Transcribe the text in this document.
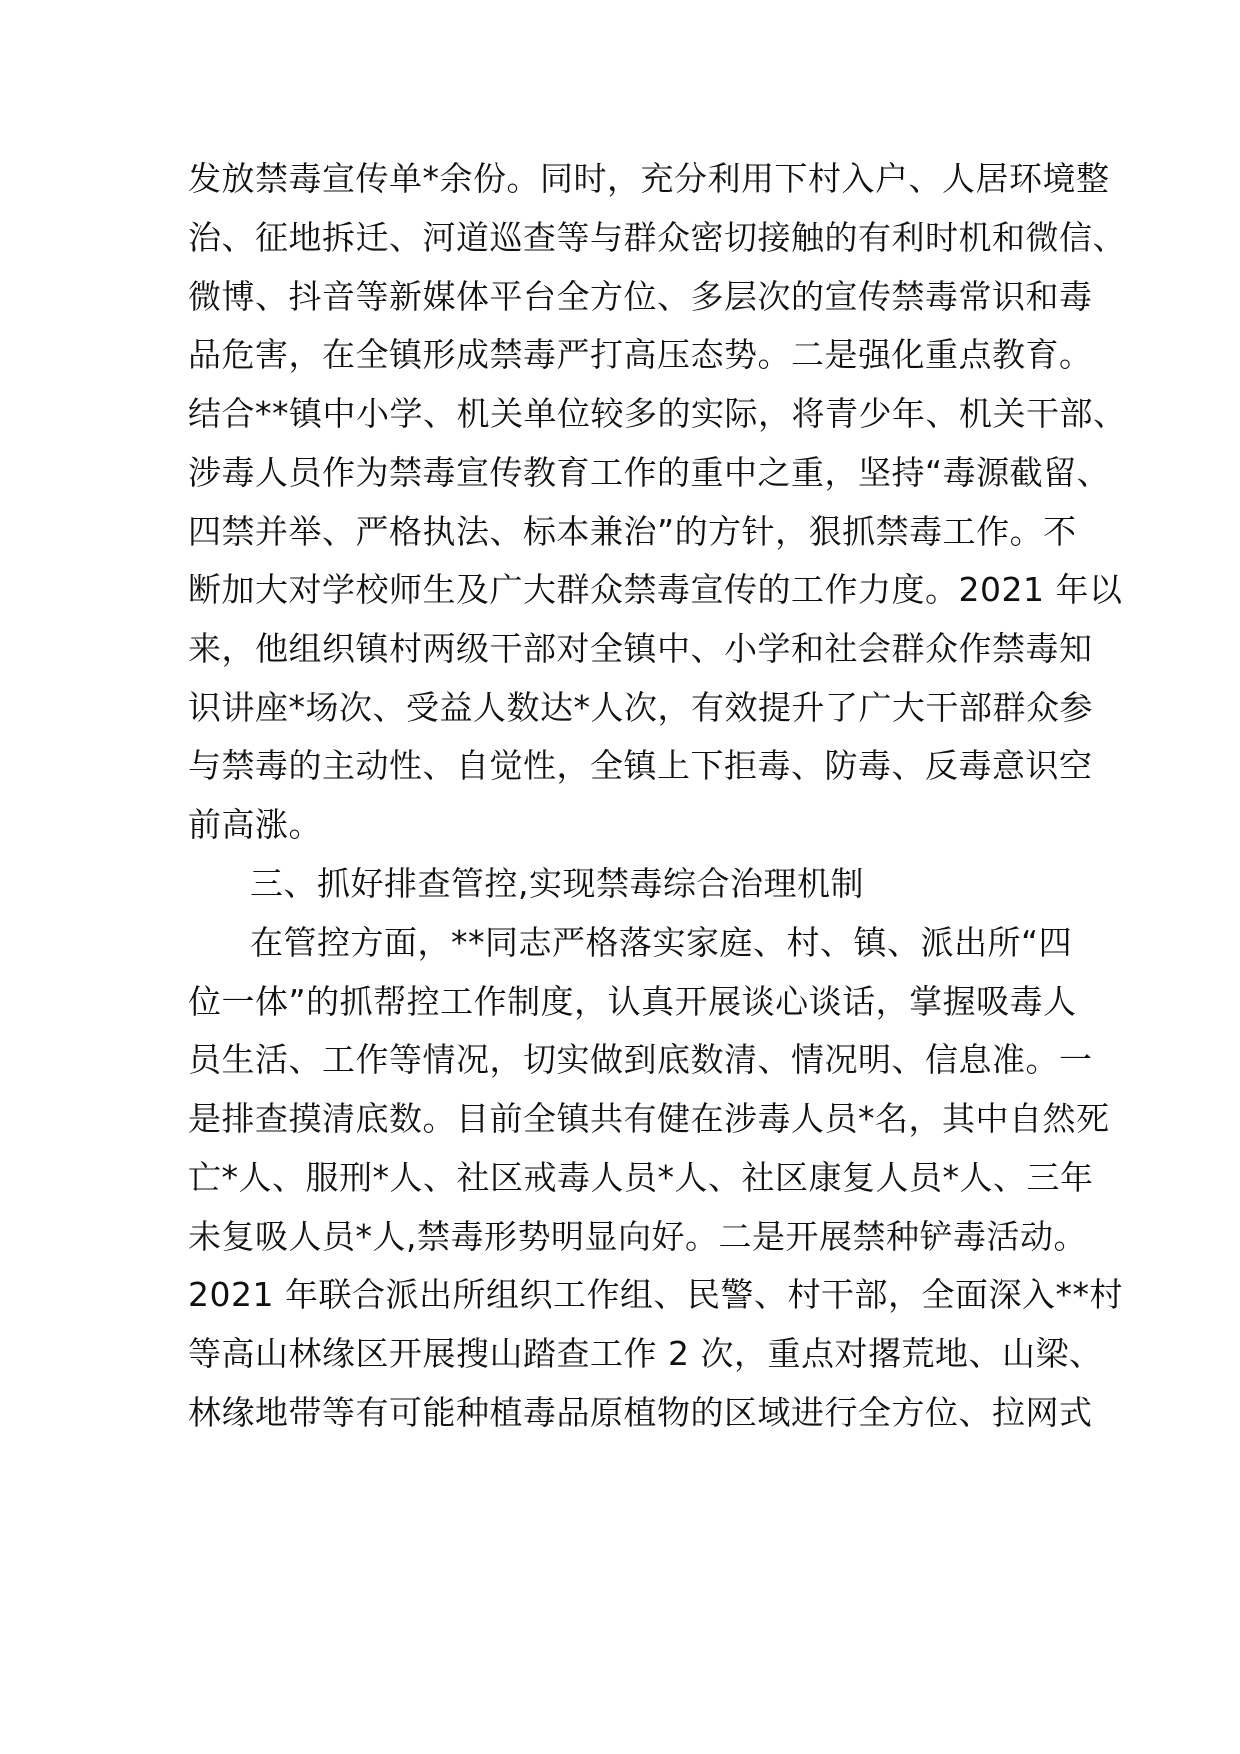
发放禁毒宣传单*余份。同时，充分利用下村入户、人居环境整
治、征地拆迁、河道巡查等与群众密切接触的有利时机和微信、
微博、抖音等新媒体平台全方位、多层次的宣传禁毒常识和毒
品危害，在全镇形成禁毒严打高压态势。二是强化重点教育。
结合**镇中小学、机关单位较多的实际，将青少年、机关干部、
涉毒人员作为禁毒宣传教育工作的重中之重，坚持“毒源截留、
四禁并举、严格执法、标本兼治”的方针，狠抓禁毒工作。不
断加大对学校师生及广大群众禁毒宣传的工作力度。2021 年以
来，他组织镇村两级干部对全镇中、小学和社会群众作禁毒知
识讲座*场次、受益人数达*人次，有效提升了广大干部群众参
与禁毒的主动性、自觉性，全镇上下拒毒、防毒、反毒意识空
前高涨。
三、抓好排查管控,实现禁毒综合治理机制
在管控方面，**同志严格落实家庭、村、镇、派出所“四
位一体”的抓帮控工作制度，认真开展谈心谈话，掌握吸毒人
员生活、工作等情况，切实做到底数清、情况明、信息准。一
是排查摸清底数。目前全镇共有健在涉毒人员*名，其中自然死
亡*人、服刑*人、社区戒毒人员*人、社区康复人员*人、三年
未复吸人员*人,禁毒形势明显向好。二是开展禁种铲毒活动。
2021 年联合派出所组织工作组、民警、村干部，全面深入**村
等高山林缘区开展搜山踏查工作 2 次，重点对撂荒地、山梁、
林缘地带等有可能种植毒品原植物的区域进行全方位、拉网式
